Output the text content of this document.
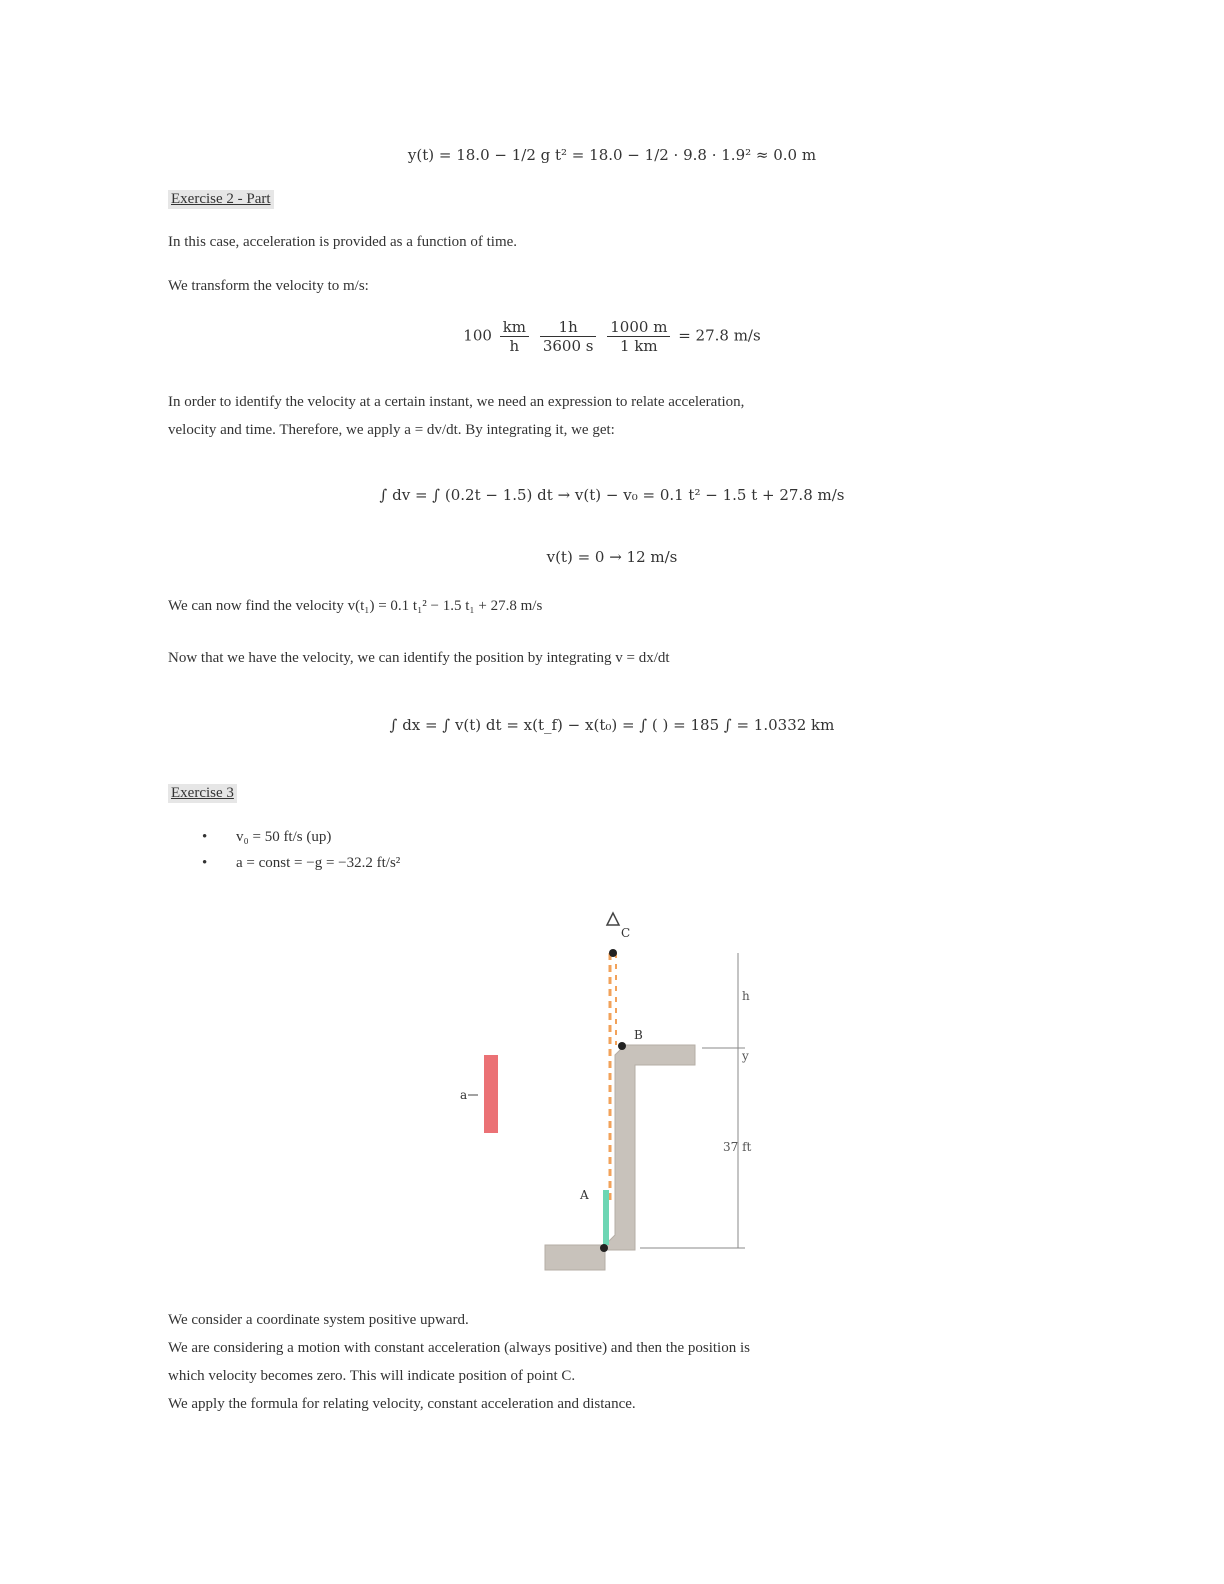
y(t) = 18.0 − 1/2 g t² = 18.0 − 1/2 · 9.8 · 1.9² ≈ 0.0 m
Exercise 2 - Part
In this case, acceleration is provided as a function of time.
We transform the velocity to m/s:
$100 \frac{km}{h}$
$\frac{1h}{3600 s}$
$\frac{1000 m}{1 km} = 27.8$ m/s
In order to identify the velocity at a certain instant, we need an expression to relate acceleration,
velocity and time. Therefore, we apply a = dv/dt. By integrating it, we get:
∫ dv = ∫ (0.2t − 1.5) dt → v(t) − v₀ = 0.1 t² − 1.5 t + 27.8 m/s
v(t) = 0 → 12 m/s
We can now find the velocity v(t₁) = 0.1 t₁² − 1.5 t₁ + 27.8 m/s
Now that we have the velocity, we can identify the position by integrating v = dx/dt
∫ dx = ∫ v(t) dt = x(t_f) − x(t₀) = ∫ ( ) = 185 ∫ = 1.0332 km
Exercise 3
• v₀ = 50 ft/s (up)
• a = const = −g = −32.2 ft/s²
a
C
B
A
h
37 ft
y
We consider a coordinate system positive upward.
We are considering a motion with constant acceleration (always positive) and then the position is
which velocity becomes zero. This will indicate position of point C.
We apply the formula for relating velocity, constant acceleration and distance.
